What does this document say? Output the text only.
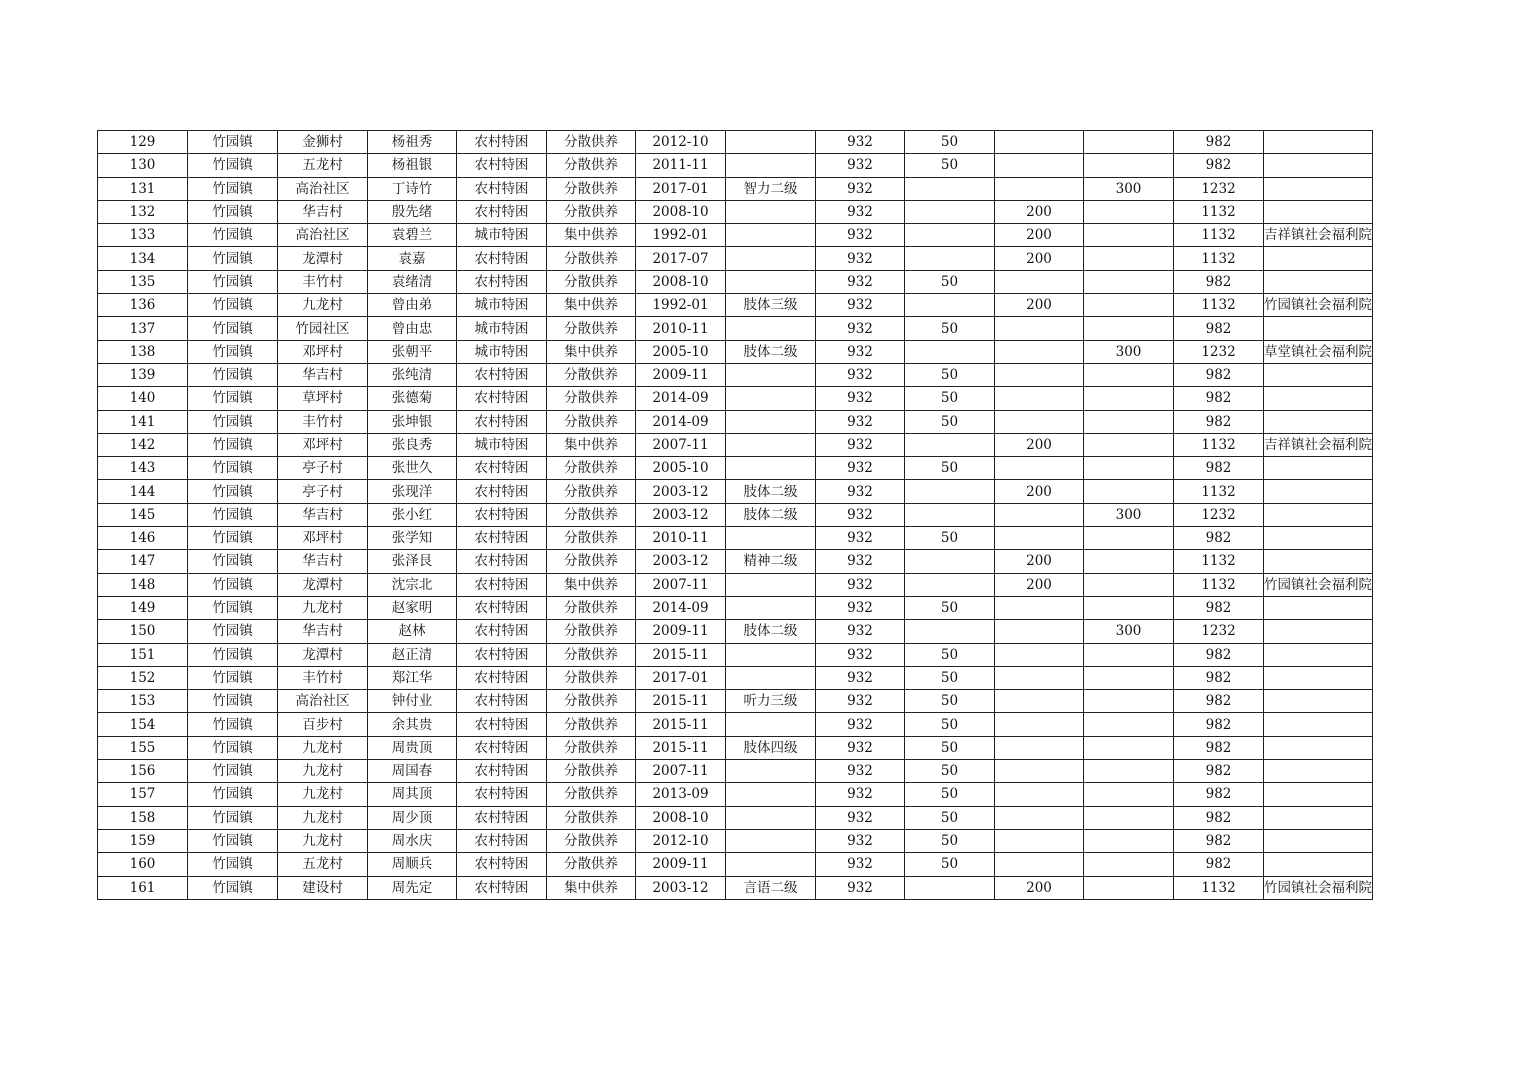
129	竹园镇	金狮村	杨祖秀	农村特困	分散供养	2012-10		932	50			982	
130	竹园镇	五龙村	杨祖银	农村特困	分散供养	2011-11		932	50			982	
131	竹园镇	高治社区	丁诗竹	农村特困	分散供养	2017-01	智力二级	932			300	1232	
132	竹园镇	华吉村	殷先绪	农村特困	分散供养	2008-10		932		200		1132	
133	竹园镇	高治社区	袁碧兰	城市特困	集中供养	1992-01		932		200		1132	吉祥镇社会福利院
134	竹园镇	龙潭村	袁嘉	农村特困	分散供养	2017-07		932		200		1132	
135	竹园镇	丰竹村	袁绪清	农村特困	分散供养	2008-10		932	50			982	
136	竹园镇	九龙村	曾由弟	城市特困	集中供养	1992-01	肢体三级	932		200		1132	竹园镇社会福利院
137	竹园镇	竹园社区	曾由忠	城市特困	分散供养	2010-11		932	50			982	
138	竹园镇	邓坪村	张朝平	城市特困	集中供养	2005-10	肢体二级	932			300	1232	草堂镇社会福利院
139	竹园镇	华吉村	张纯清	农村特困	分散供养	2009-11		932	50			982	
140	竹园镇	草坪村	张德菊	农村特困	分散供养	2014-09		932	50			982	
141	竹园镇	丰竹村	张坤银	农村特困	分散供养	2014-09		932	50			982	
142	竹园镇	邓坪村	张良秀	城市特困	集中供养	2007-11		932		200		1132	吉祥镇社会福利院
143	竹园镇	亭子村	张世久	农村特困	分散供养	2005-10		932	50			982	
144	竹园镇	亭子村	张现洋	农村特困	分散供养	2003-12	肢体二级	932		200		1132	
145	竹园镇	华吉村	张小红	农村特困	分散供养	2003-12	肢体二级	932			300	1232	
146	竹园镇	邓坪村	张学知	农村特困	分散供养	2010-11		932	50			982	
147	竹园镇	华吉村	张泽艮	农村特困	分散供养	2003-12	精神二级	932		200		1132	
148	竹园镇	龙潭村	沈宗北	农村特困	集中供养	2007-11		932		200		1132	竹园镇社会福利院
149	竹园镇	九龙村	赵家明	农村特困	分散供养	2014-09		932	50			982	
150	竹园镇	华吉村	赵林	农村特困	分散供养	2009-11	肢体二级	932			300	1232	
151	竹园镇	龙潭村	赵正清	农村特困	分散供养	2015-11		932	50			982	
152	竹园镇	丰竹村	郑江华	农村特困	分散供养	2017-01		932	50			982	
153	竹园镇	高治社区	钟付业	农村特困	分散供养	2015-11	听力三级	932	50			982	
154	竹园镇	百步村	余其贵	农村特困	分散供养	2015-11		932	50			982	
155	竹园镇	九龙村	周贵顶	农村特困	分散供养	2015-11	肢体四级	932	50			982	
156	竹园镇	九龙村	周国春	农村特困	分散供养	2007-11		932	50			982	
157	竹园镇	九龙村	周其顶	农村特困	分散供养	2013-09		932	50			982	
158	竹园镇	九龙村	周少顶	农村特困	分散供养	2008-10		932	50			982	
159	竹园镇	九龙村	周水庆	农村特困	分散供养	2012-10		932	50			982	
160	竹园镇	五龙村	周顺兵	农村特困	分散供养	2009-11		932	50			982	
161	竹园镇	建设村	周先定	农村特困	集中供养	2003-12	言语二级	932		200		1132	竹园镇社会福利院
